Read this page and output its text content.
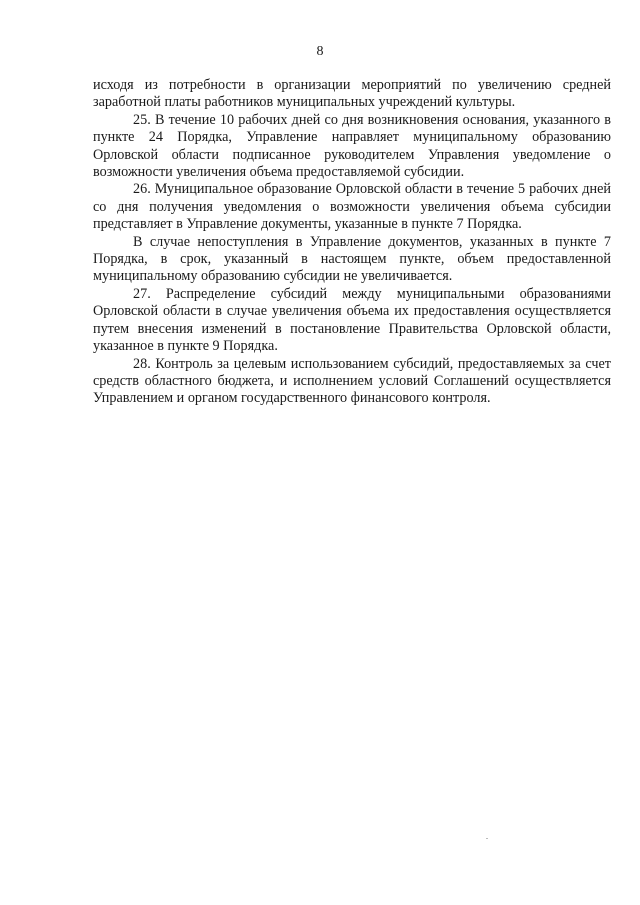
8

исходя из потребности в организации мероприятий по увеличению средней заработной платы работников муниципальных учреждений культуры.

25. В течение 10 рабочих дней со дня возникновения основания, указанного в пункте 24 Порядка, Управление направляет муниципальному образованию Орловской области подписанное руководителем Управления уведомление о возможности увеличения объема предоставляемой субсидии.

26. Муниципальное образование Орловской области в течение 5 рабочих дней со дня получения уведомления о возможности увеличения объема субсидии представляет в Управление документы, указанные в пункте 7 Порядка.

В случае непоступления в Управление документов, указанных в пункте 7 Порядка, в срок, указанный в настоящем пункте, объем предоставленной муниципальному образованию субсидии не увеличивается.

27. Распределение субсидий между муниципальными образованиями Орловской области в случае увеличения объема их предоставления осуществляется путем внесения изменений в постановление Правительства Орловской области, указанное в пункте 9 Порядка.

28. Контроль за целевым использованием субсидий, предоставляемых за счет средств областного бюджета, и исполнением условий Соглашений осуществляется Управлением и органом государственного финансового контроля.
